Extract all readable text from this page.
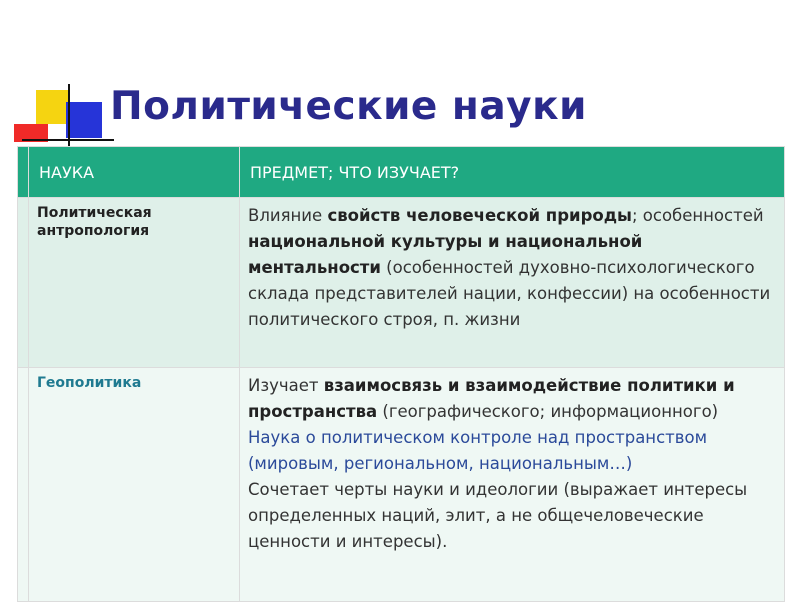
Политические науки
	НАУКА	ПРЕДМЕТ; ЧТО ИЗУЧАЕТ?

	Политическая антропология	Влияние свойств человеческой природы; особенностей национальной культуры и национальной ментальности (особенностей духовно-психологического склада представителей нации, конфессии) на особенности политического строя, п. жизни

	Геополитика	Изучает взаимосвязь и взаимодействие политики и пространства (географического; информационного)
Наука о политическом контроле над пространством (мировым, региональном, национальным…)
Сочетает черты науки и идеологии (выражает интересы определенных наций, элит, а не общечеловеческие ценности и интересы).
